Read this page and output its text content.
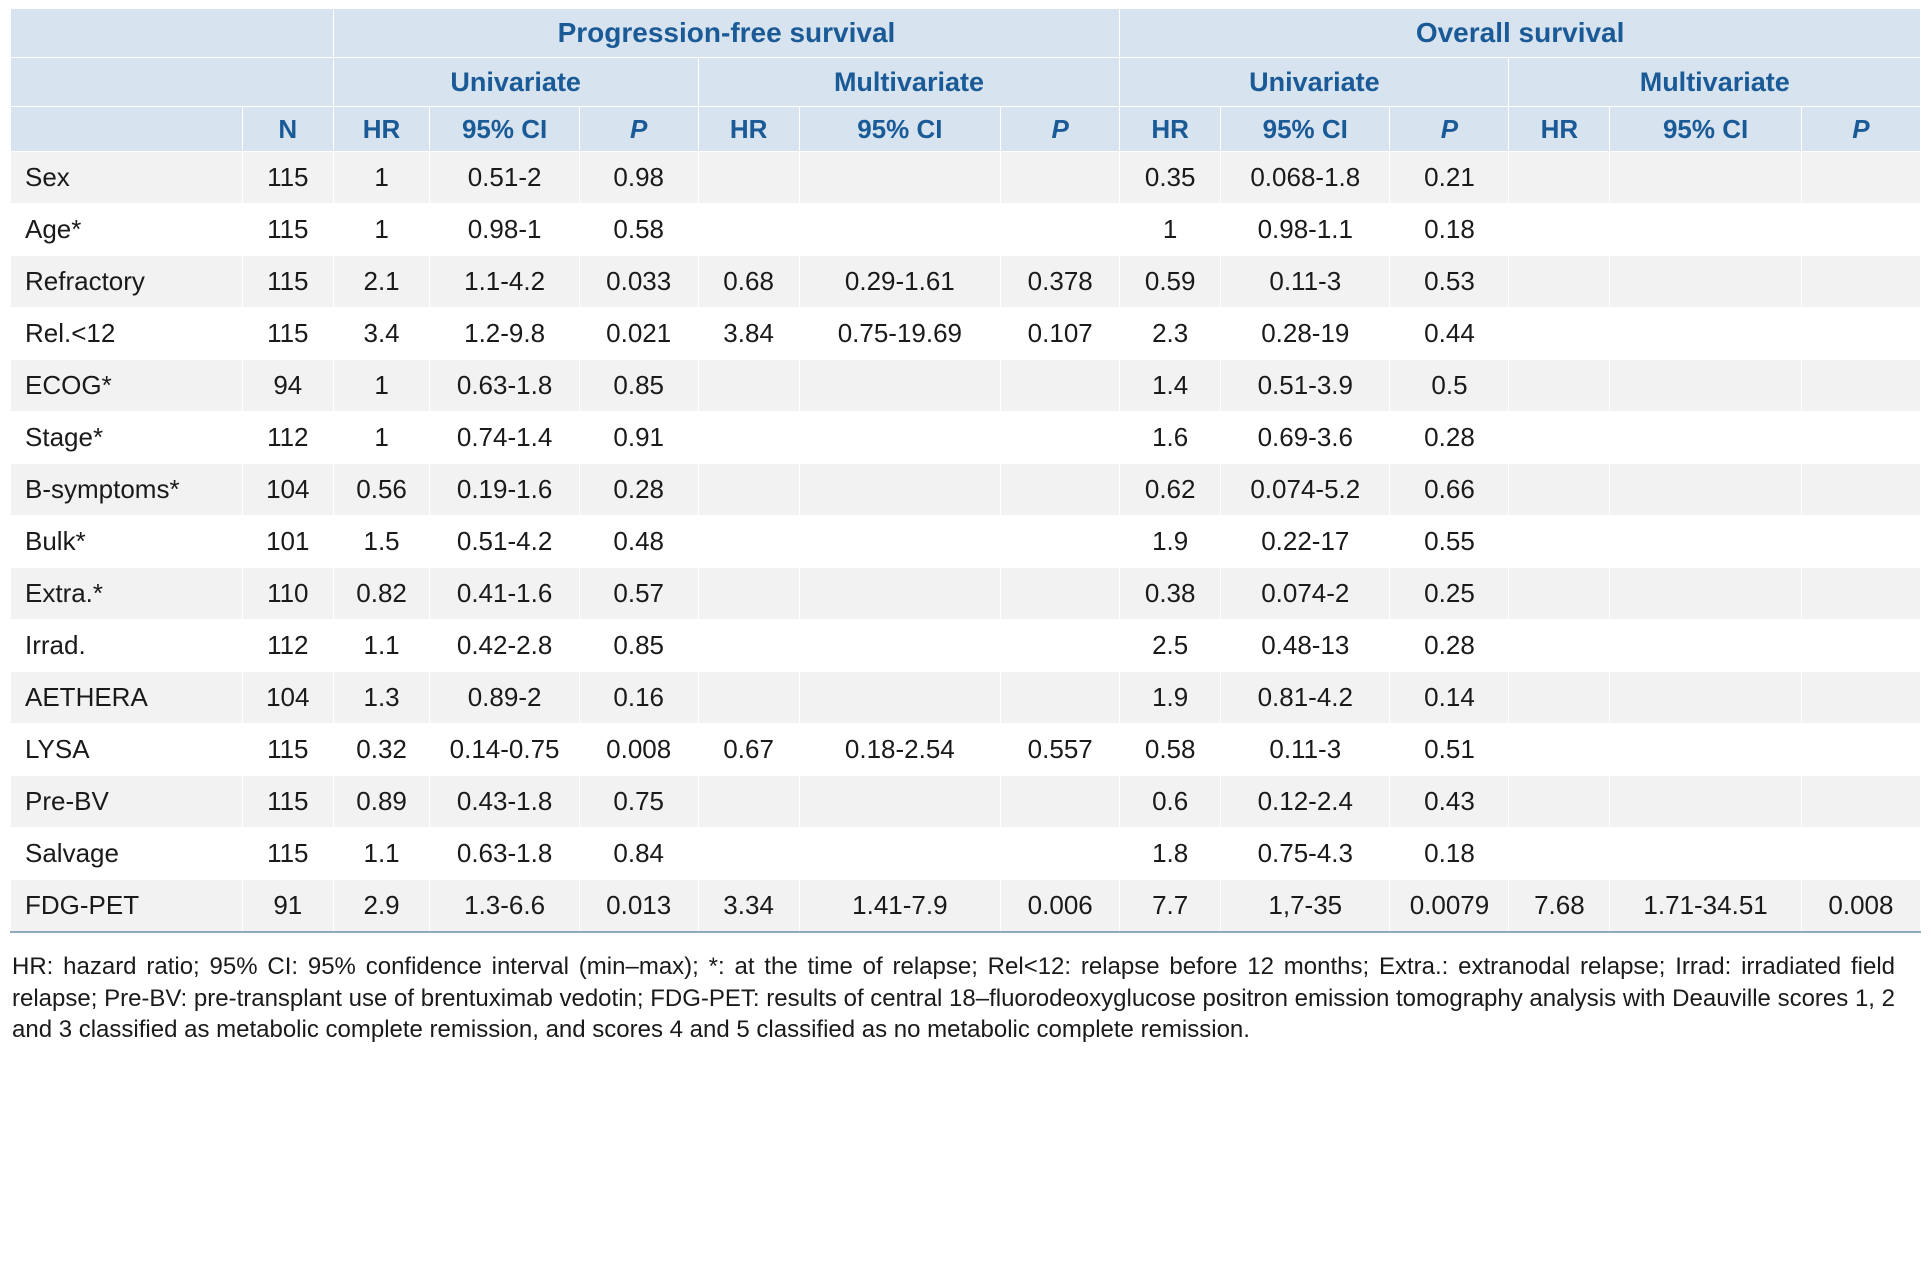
		Progression-free survival						Overall survival					
		Univariate			Multivariate			Univariate			Multivariate		
	N	HR	95% CI	P	HR	95% CI	P	HR	95% CI	P	HR	95% CI	P
Sex	115	1	0.51-2	0.98				0.35	0.068-1.8	0.21			
Age*	115	1	0.98-1	0.58				1	0.98-1.1	0.18			
Refractory	115	2.1	1.1-4.2	0.033	0.68	0.29-1.61	0.378	0.59	0.11-3	0.53			
Rel.<12	115	3.4	1.2-9.8	0.021	3.84	0.75-19.69	0.107	2.3	0.28-19	0.44			
ECOG*	94	1	0.63-1.8	0.85				1.4	0.51-3.9	0.5			
Stage*	112	1	0.74-1.4	0.91				1.6	0.69-3.6	0.28			
B-symptoms*	104	0.56	0.19-1.6	0.28				0.62	0.074-5.2	0.66			
Bulk*	101	1.5	0.51-4.2	0.48				1.9	0.22-17	0.55			
Extra.*	110	0.82	0.41-1.6	0.57				0.38	0.074-2	0.25			
Irrad.	112	1.1	0.42-2.8	0.85				2.5	0.48-13	0.28			
AETHERA	104	1.3	0.89-2	0.16				1.9	0.81-4.2	0.14			
LYSA	115	0.32	0.14-0.75	0.008	0.67	0.18-2.54	0.557	0.58	0.11-3	0.51			
Pre-BV	115	0.89	0.43-1.8	0.75				0.6	0.12-2.4	0.43			
Salvage	115	1.1	0.63-1.8	0.84				1.8	0.75-4.3	0.18			
FDG-PET	91	2.9	1.3-6.6	0.013	3.34	1.41-7.9	0.006	7.7	1,7-35	0.0079	7.68	1.71-34.51	0.008
HR: hazard ratio; 95% CI: 95% confidence interval (min–max); *: at the time of relapse; Rel<12: relapse before 12 months; Extra.: extranodal relapse; Irrad: irradiated field relapse; Pre-BV: pre-transplant use of brentuximab vedotin; FDG-PET: results of central 18–fluorodeoxyglucose positron emission tomography analysis with Deauville scores 1, 2 and 3 classified as metabolic complete remission, and scores 4 and 5 classified as no metabolic complete remission.
